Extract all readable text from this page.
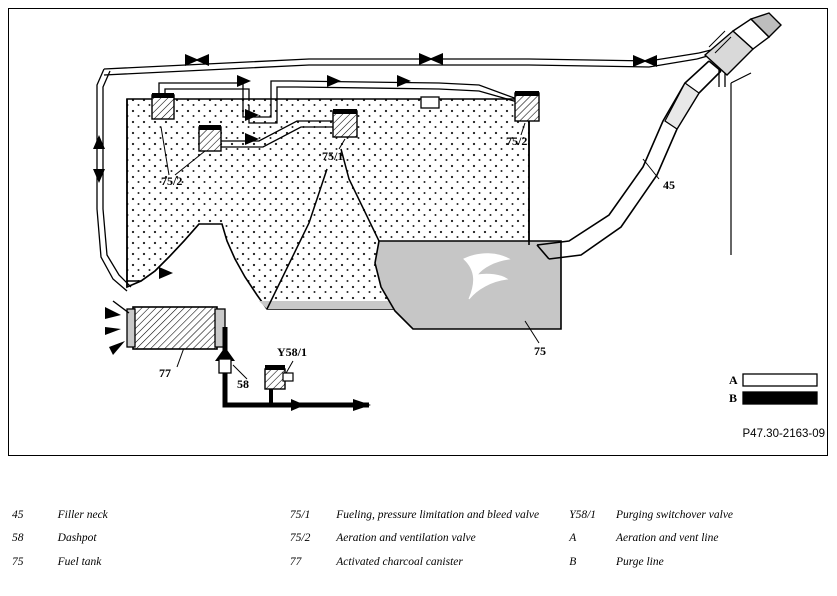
75/2
75/1
75/2
45
75
77
58
Y58/1
A
B
P47.30-2163-09
45	Filler neck	75/1	Fueling, pressure limitation and bleed valve	Y58/1	Purging switchover valve
58	Dashpot	75/2	Aeration and ventilation valve	A	Aeration and vent line
75	Fuel tank	77	Activated charcoal canister	B	Purge line
